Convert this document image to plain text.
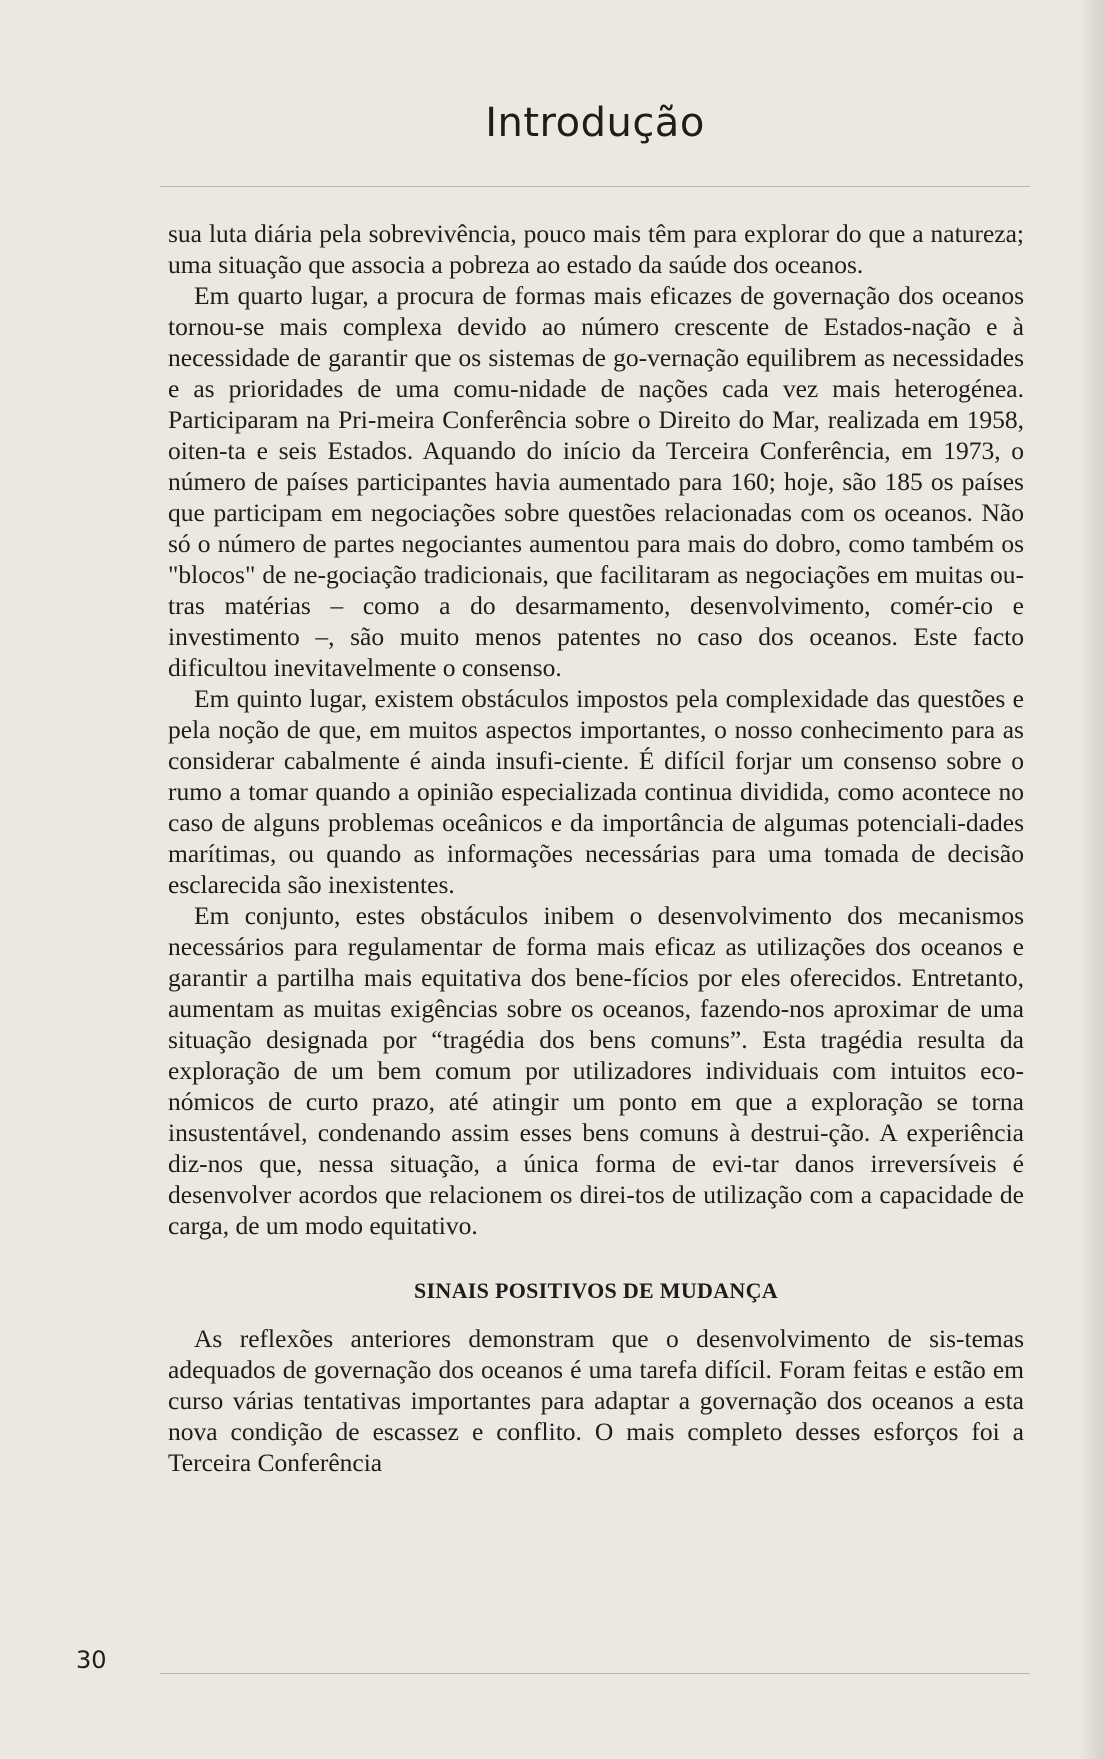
Introdução

sua luta diária pela sobrevivência, pouco mais têm para explorar do que a natureza; uma situação que associa a pobreza ao estado da saúde dos oceanos.

Em quarto lugar, a procura de formas mais eficazes de governação dos oceanos tornou-se mais complexa devido ao número crescente de Estados-nação e à necessidade de garantir que os sistemas de go-vernação equilibrem as necessidades e as prioridades de uma comu-nidade de nações cada vez mais heterogénea. Participaram na Pri-meira Conferência sobre o Direito do Mar, realizada em 1958, oiten-ta e seis Estados. Aquando do início da Terceira Conferência, em 1973, o número de países participantes havia aumentado para 160; hoje, são 185 os países que participam em negociações sobre questões relacionadas com os oceanos. Não só o número de partes negociantes aumentou para mais do dobro, como também os "blocos" de ne-gociação tradicionais, que facilitaram as negociações em muitas ou-tras matérias – como a do desarmamento, desenvolvimento, comér-cio e investimento –, são muito menos patentes no caso dos oceanos. Este facto dificultou inevitavelmente o consenso.

Em quinto lugar, existem obstáculos impostos pela complexidade das questões e pela noção de que, em muitos aspectos importantes, o nosso conhecimento para as considerar cabalmente é ainda insufi-ciente. É difícil forjar um consenso sobre o rumo a tomar quando a opinião especializada continua dividida, como acontece no caso de alguns problemas oceânicos e da importância de algumas potenciali-dades marítimas, ou quando as informações necessárias para uma tomada de decisão esclarecida são inexistentes.

Em conjunto, estes obstáculos inibem o desenvolvimento dos mecanismos necessários para regulamentar de forma mais eficaz as utilizações dos oceanos e garantir a partilha mais equitativa dos bene-fícios por eles oferecidos. Entretanto, aumentam as muitas exigências sobre os oceanos, fazendo-nos aproximar de uma situação designada por “tragédia dos bens comuns”. Esta tragédia resulta da exploração de um bem comum por utilizadores individuais com intuitos eco-nómicos de curto prazo, até atingir um ponto em que a exploração se torna insustentável, condenando assim esses bens comuns à destrui-ção. A experiência diz-nos que, nessa situação, a única forma de evi-tar danos irreversíveis é desenvolver acordos que relacionem os direi-tos de utilização com a capacidade de carga, de um modo equitativo.

SINAIS POSITIVOS DE MUDANÇA

As reflexões anteriores demonstram que o desenvolvimento de sis-temas adequados de governação dos oceanos é uma tarefa difícil. Foram feitas e estão em curso várias tentativas importantes para adaptar a governação dos oceanos a esta nova condição de escassez e conflito. O mais completo desses esforços foi a Terceira Conferência

30
